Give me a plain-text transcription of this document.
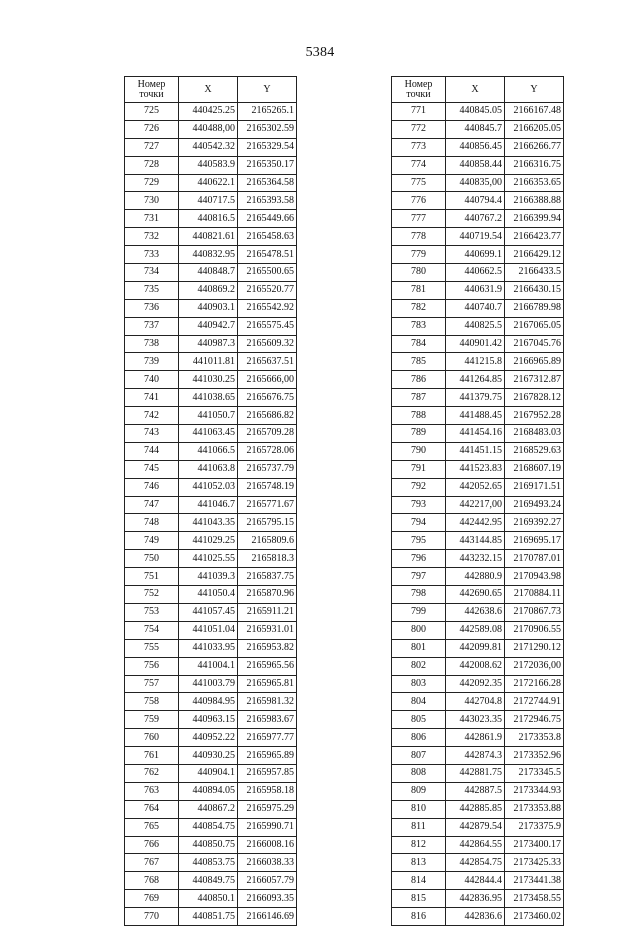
5384
Номер
точки	X	Y
725	440425.25	2165265.1
726	440488,00	2165302.59
727	440542.32	2165329.54
728	440583.9	2165350.17
729	440622.1	2165364.58
730	440717.5	2165393.58
731	440816.5	2165449.66
732	440821.61	2165458.63
733	440832.95	2165478.51
734	440848.7	2165500.65
735	440869.2	2165520.77
736	440903.1	2165542.92
737	440942.7	2165575.45
738	440987.3	2165609.32
739	441011.81	2165637.51
740	441030.25	2165666,00
741	441038.65	2165676.75
742	441050.7	2165686.82
743	441063.45	2165709.28
744	441066.5	2165728.06
745	441063.8	2165737.79
746	441052.03	2165748.19
747	441046.7	2165771.67
748	441043.35	2165795.15
749	441029.25	2165809.6
750	441025.55	2165818.3
751	441039.3	2165837.75
752	441050.4	2165870.96
753	441057.45	2165911.21
754	441051.04	2165931.01
755	441033.95	2165953.82
756	441004.1	2165965.56
757	441003.79	2165965.81
758	440984.95	2165981.32
759	440963.15	2165983.67
760	440952.22	2165977.77
761	440930.25	2165965.89
762	440904.1	2165957.85
763	440894.05	2165958.18
764	440867.2	2165975.29
765	440854.75	2165990.71
766	440850.75	2166008.16
767	440853.75	2166038.33
768	440849.75	2166057.79
769	440850.1	2166093.35
770	440851.75	2166146.69
Номер
точки	X	Y
771	440845.05	2166167.48
772	440845.7	2166205.05
773	440856.45	2166266.77
774	440858.44	2166316.75
775	440835,00	2166353.65
776	440794.4	2166388.88
777	440767.2	2166399.94
778	440719.54	2166423.77
779	440699.1	2166429.12
780	440662.5	2166433.5
781	440631.9	2166430.15
782	440740.7	2166789.98
783	440825.5	2167065.05
784	440901.42	2167045.76
785	441215.8	2166965.89
786	441264.85	2167312.87
787	441379.75	2167828.12
788	441488.45	2167952.28
789	441454.16	2168483.03
790	441451.15	2168529.63
791	441523.83	2168607.19
792	442052.65	2169171.51
793	442217,00	2169493.24
794	442442.95	2169392.27
795	443144.85	2169695.17
796	443232.15	2170787.01
797	442880.9	2170943.98
798	442690.65	2170884.11
799	442638.6	2170867.73
800	442589.08	2170906.55
801	442099.81	2171290.12
802	442008.62	2172036,00
803	442092.35	2172166.28
804	442704.8	2172744.91
805	443023.35	2172946.75
806	442861.9	2173353.8
807	442874.3	2173352.96
808	442881.75	2173345.5
809	442887.5	2173344.93
810	442885.85	2173353.88
811	442879.54	2173375.9
812	442864.55	2173400.17
813	442854.75	2173425.33
814	442844.4	2173441.38
815	442836.95	2173458.55
816	442836.6	2173460.02
